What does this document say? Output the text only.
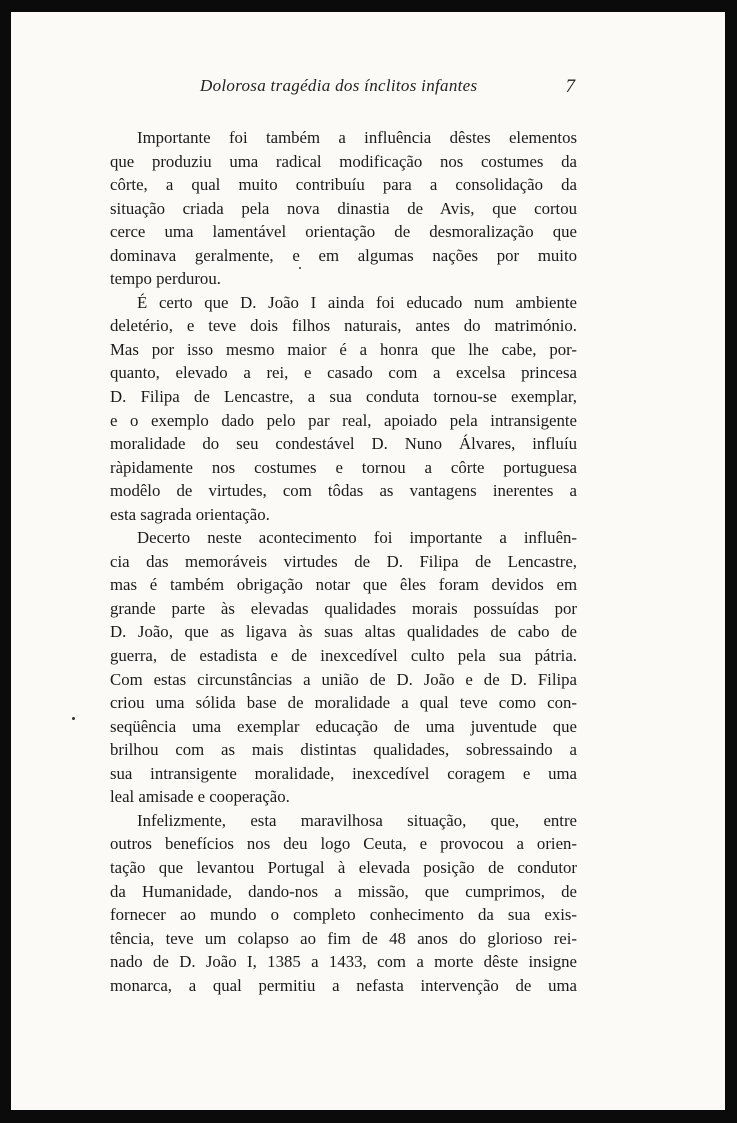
Dolorosa tragédia dos ínclitos infantes	7
Importante foi também a influência dêstes elementos
que produziu uma radical modificação nos costumes da
côrte, a qual muito contribuíu para a consolidação da
situação criada pela nova dinastia de Avis, que cortou
cerce uma lamentável orientação de desmoralização que
dominava geralmente, e em algumas nações por muito
tempo perdurou.
É certo que D. João I ainda foi educado num ambiente
deletério, e teve dois filhos naturais, antes do matrimónio.
Mas por isso mesmo maior é a honra que lhe cabe, por-
quanto, elevado a rei, e casado com a excelsa princesa
D. Filipa de Lencastre, a sua conduta tornou-se exemplar,
e o exemplo dado pelo par real, apoiado pela intransigente
moralidade do seu condestável D. Nuno Álvares, influíu
ràpidamente nos costumes e tornou a côrte portuguesa
modêlo de virtudes, com tôdas as vantagens inerentes a
esta sagrada orientação.
Decerto neste acontecimento foi importante a influên-
cia das memoráveis virtudes de D. Filipa de Lencastre,
mas é também obrigação notar que êles foram devidos em
grande parte às elevadas qualidades morais possuídas por
D. João, que as ligava às suas altas qualidades de cabo de
guerra, de estadista e de inexcedível culto pela sua pátria.
Com estas circunstâncias a união de D. João e de D. Filipa
criou uma sólida base de moralidade a qual teve como con-
seqüência uma exemplar educação de uma juventude que
brilhou com as mais distintas qualidades, sobressaindo a
sua intransigente moralidade, inexcedível coragem e uma
leal amisade e cooperação.
Infelizmente, esta maravilhosa situação, que, entre
outros benefícios nos deu logo Ceuta, e provocou a orien-
tação que levantou Portugal à elevada posição de condutor
da Humanidade, dando-nos a missão, que cumprimos, de
fornecer ao mundo o completo conhecimento da sua exis-
tência, teve um colapso ao fim de 48 anos do glorioso rei-
nado de D. João I, 1385 a 1433, com a morte dêste insigne
monarca, a qual permitiu a nefasta intervenção de uma
